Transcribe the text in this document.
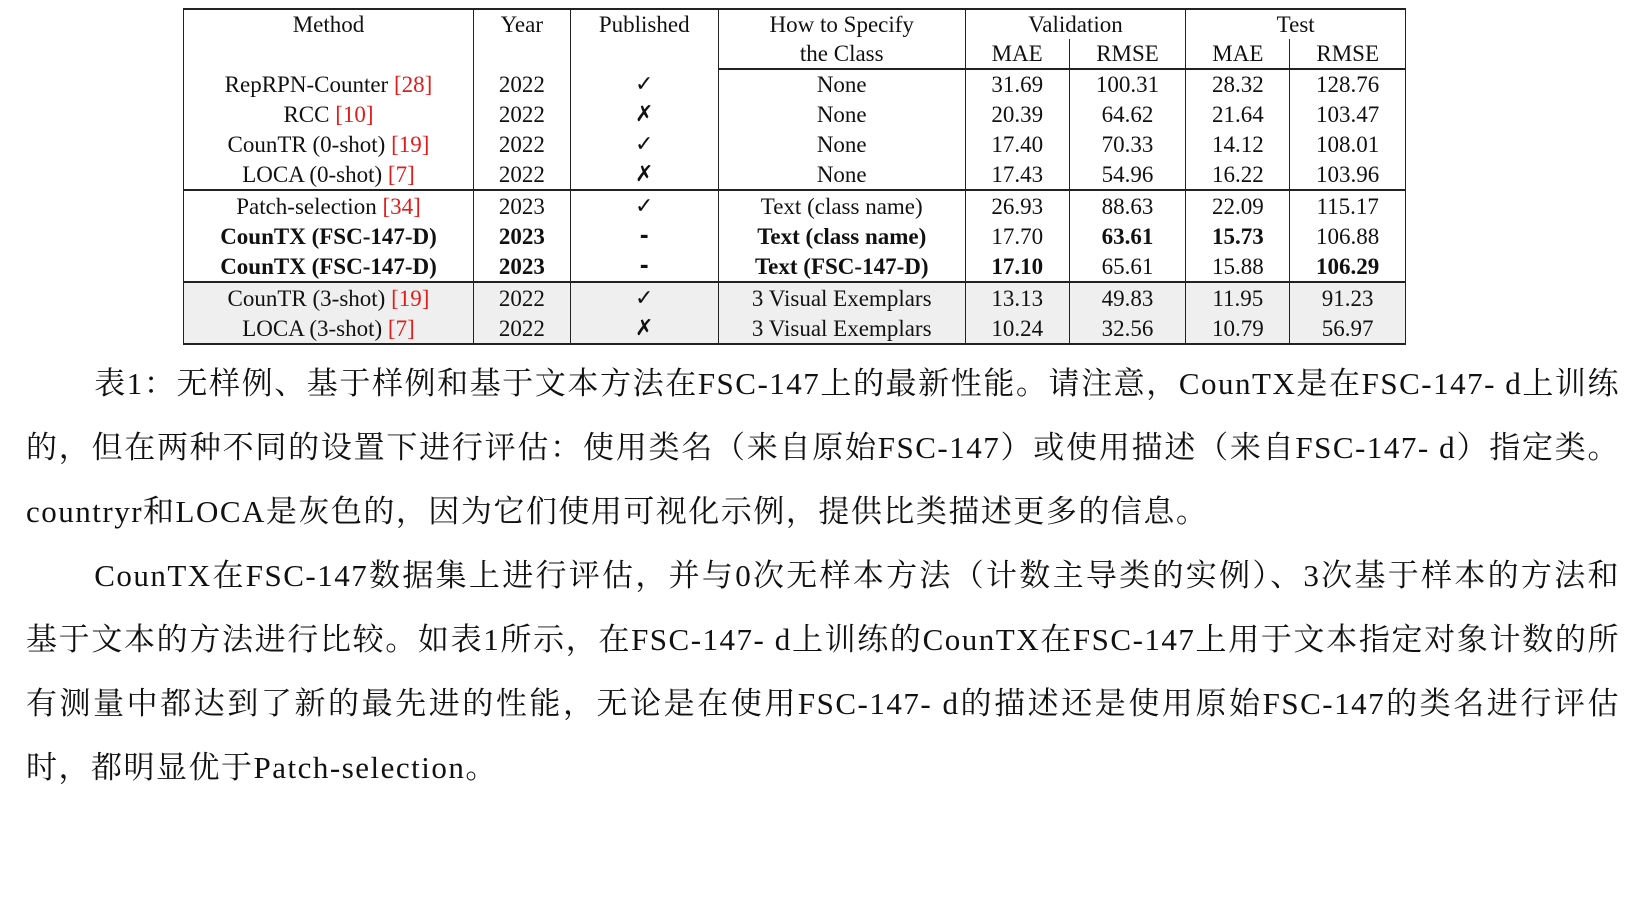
Method	Year	Published	How to Specify	Validation		Test	
			the Class	MAE	RMSE	MAE	RMSE
RepRPN-Counter [28]	2022	✓	None	31.69	100.31	28.32	128.76
RCC [10]	2022	✗	None	20.39	64.62	21.64	103.47
CounTR (0-shot) [19]	2022	✓	None	17.40	70.33	14.12	108.01
LOCA (0-shot) [7]	2022	✗	None	17.43	54.96	16.22	103.96
Patch-selection [34]	2023	✓	Text (class name)	26.93	88.63	22.09	115.17
CounTX (FSC-147-D)	2023	-	Text (class name)	17.70	63.61	15.73	106.88
CounTX (FSC-147-D)	2023	-	Text (FSC-147-D)	17.10	65.61	15.88	106.29
CounTR (3-shot) [19]	2022	✓	3 Visual Exemplars	13.13	49.83	11.95	91.23
LOCA (3-shot) [7]	2022	✗	3 Visual Exemplars	10.24	32.56	10.79	56.97

表1：无样例、基于样例和基于文本方法在FSC-147上的最新性能。请注意，CounTX是在FSC-147- d上训练的，但在两种不同的设置下进行评估：使用类名（来自原始FSC-147）或使用描述（来自FSC-147- d）指定类。countryr和LOCA是灰色的，因为它们使用可视化示例，提供比类描述更多的信息。

CounTX在FSC-147数据集上进行评估，并与0次无样本方法（计数主导类的实例）、3次基于样本的方法和基于文本的方法进行比较。如表1所示，在FSC-147- d上训练的CounTX在FSC-147上用于文本指定对象计数的所有测量中都达到了新的最先进的性能，无论是在使用FSC-147- d的描述还是使用原始FSC-147的类名进行评估时，都明显优于Patch-selection。
